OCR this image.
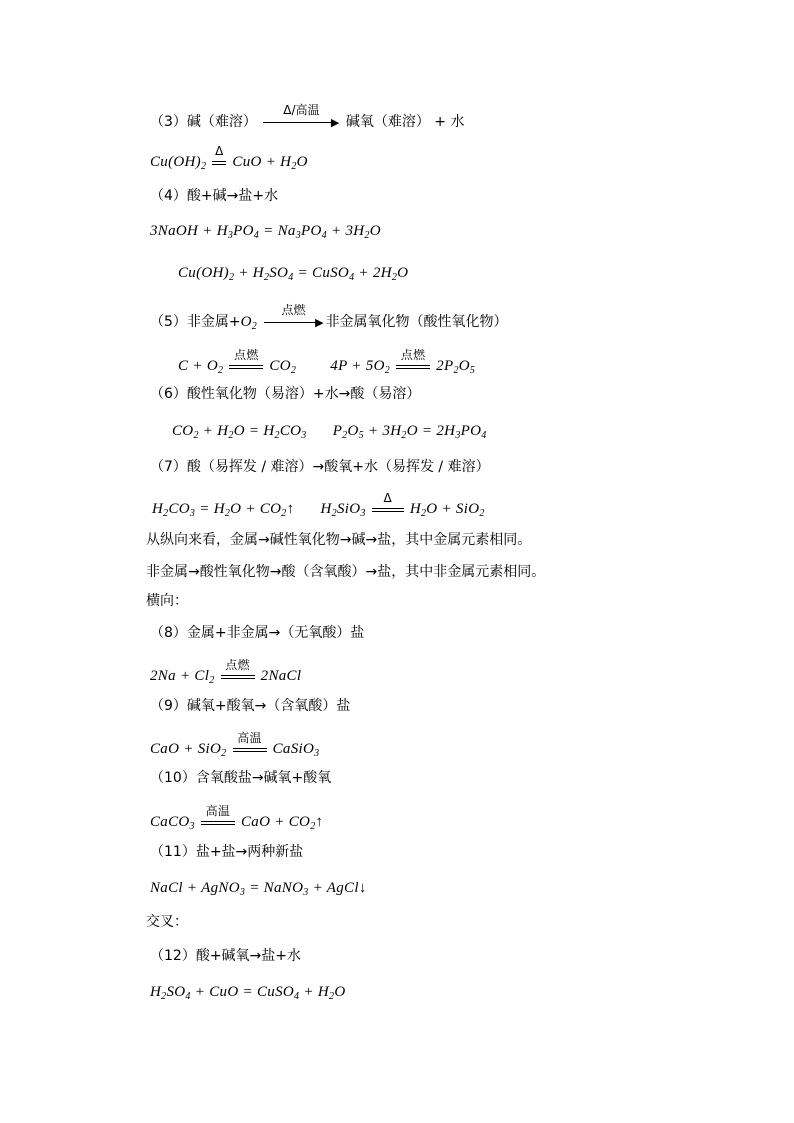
（3）碱（难溶）
Δ/高温
▶ 碱氧（难溶） + 水
$Cu(OH)_2$
Δ
CuO + $H_2O$
（4）酸+碱→盐+水
3NaOH + $H_3PO_4 = Na_3PO_4 + 3H_2O$
$Cu(OH)_2 + H_2SO_4$ = CuSO$_4$ + $2H_2O$
（5）非金属$+O_2$
点燃
▶ 非金属氧化物（酸性氧化物）
$C + O_2$
点燃
$CO_2$ $4P + 5O_2$
点燃
$2P_2O_5$
（6）酸性氧化物（易溶）+水→酸（易溶）
$CO_2 + H_2O = H_2CO_3$ $P_2O_5 + 3H_2O = 2H_3PO_4$
（7）酸（易挥发 / 难溶）→酸氧+水（易挥发 / 难溶）
$H_2CO_3 = H_2O$ + $CO_2↑$ $H_2SiO_3$
Δ
$H_2O + SiO_2$
从纵向来看，金属→碱性氧化物→碱→盐，其中金属元素相同。
非金属→酸性氧化物→酸（含氧酸）→盐，其中非金属元素相同。
横向：
（8）金属+非金属→（无氧酸）盐
$2Na + Cl_2$
点燃
2NaCl
（9）碱氧+酸氧→（含氧酸）盐
CaO + SiO$_2$
高温
CaSiO$_3$
（10）含氧酸盐→碱氧+酸氧
CaCO$_3$
高温
CaO + $CO_2↑$
（11）盐+盐→两种新盐
NaCl + AgNO$_3$ = NaNO$_3$ + AgCl↓
交叉：
（12）酸+碱氧→盐+水
$H_2SO_4$ + CuO = CuSO$_4$ + $H_2O$
